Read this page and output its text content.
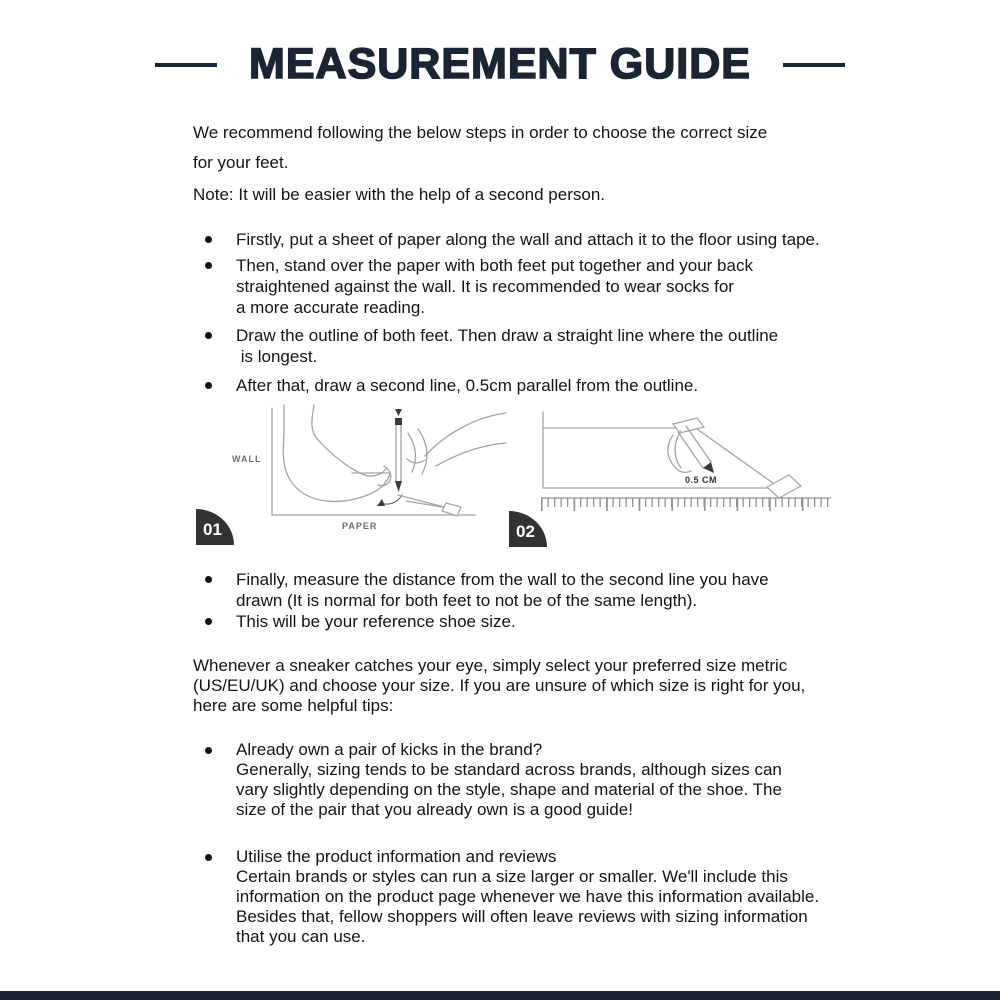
MEASUREMENT GUIDE
We recommend following the below steps in order to choose the correct size
for your feet.
Note: It will be easier with the help of a second person.
Firstly, put a sheet of paper along the wall and attach it to the floor using tape.
Then, stand over the paper with both feet put together and your back
straightened against the wall. It is recommended to wear socks for
a more accurate reading.
Draw the outline of both feet. Then draw a straight line where the outline
is longest.
After that, draw a second line, 0.5cm parallel from the outline.
WALL
PAPER
01
0.5 CM
02
Finally, measure the distance from the wall to the second line you have
drawn (It is normal for both feet to not be of the same length).
This will be your reference shoe size.
Whenever a sneaker catches your eye, simply select your preferred size metric
(US/EU/UK) and choose your size. If you are unsure of which size is right for you,
here are some helpful tips:
Already own a pair of kicks in the brand?
Generally, sizing tends to be standard across brands, although sizes can
vary slightly depending on the style, shape and material of the shoe. The
size of the pair that you already own is a good guide!
Utilise the product information and reviews
Certain brands or styles can run a size larger or smaller. We'll include this
information on the product page whenever we have this information available.
Besides that, fellow shoppers will often leave reviews with sizing information
that you can use.
